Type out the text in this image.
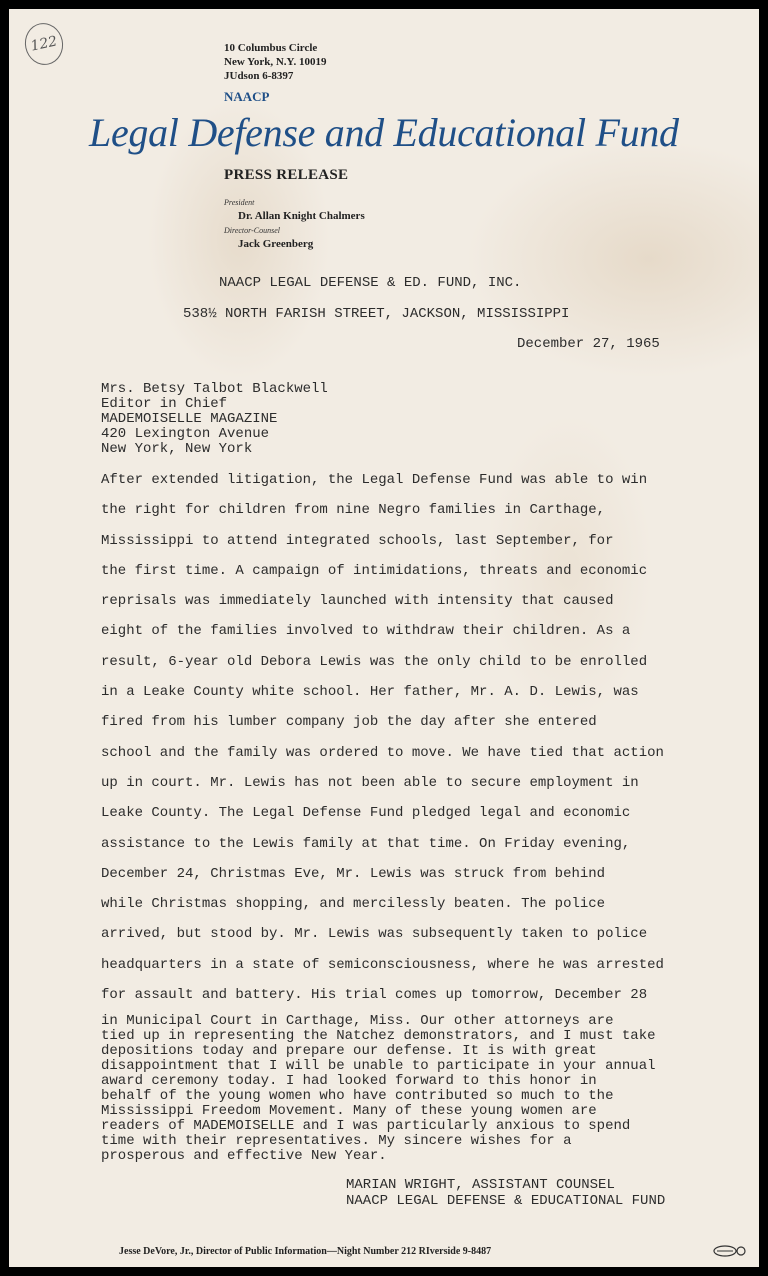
122	10 Columbus Circle
New York, N.Y. 10019
JUdson 6-8397
NAACP
Legal Defense and Educational Fund
PRESS RELEASE
President
Dr. Allan Knight Chalmers
Director-Counsel
Jack Greenberg
NAACP LEGAL DEFENSE & ED. FUND, INC.
538½ NORTH FARISH STREET, JACKSON, MISSISSIPPI
December 27, 1965
Mrs. Betsy Talbot Blackwell
Editor in Chief
MADEMOISELLE MAGAZINE
420 Lexington Avenue
New York, New York
After extended litigation, the Legal Defense Fund was able to win
the right for children from nine Negro families in Carthage,
Mississippi to attend integrated schools, last September, for
the first time. A campaign of intimidations, threats and economic
reprisals was immediately launched with intensity that caused
eight of the families involved to withdraw their children. As a
result, 6-year old Debora Lewis was the only child to be enrolled
in a Leake County white school. Her father, Mr. A. D. Lewis, was
fired from his lumber company job the day after she entered
school and the family was ordered to move. We have tied that action
up in court. Mr. Lewis has not been able to secure employment in
Leake County. The Legal Defense Fund pledged legal and economic
assistance to the Lewis family at that time. On Friday evening,
December 24, Christmas Eve, Mr. Lewis was struck from behind
while Christmas shopping, and mercilessly beaten. The police
arrived, but stood by. Mr. Lewis was subsequently taken to police
headquarters in a state of semiconsciousness, where he was arrested
for assault and battery. His trial comes up tomorrow, December 28
in Municipal Court in Carthage, Miss. Our other attorneys are
tied up in representing the Natchez demonstrators, and I must take
depositions today and prepare our defense. It is with great
disappointment that I will be unable to participate in your annual
award ceremony today. I had looked forward to this honor in
behalf of the young women who have contributed so much to the
Mississippi Freedom Movement. Many of these young women are
readers of MADEMOISELLE and I was particularly anxious to spend
time with their representatives. My sincere wishes for a
prosperous and effective New Year.
MARIAN WRIGHT, ASSISTANT COUNSEL
NAACP LEGAL DEFENSE & EDUCATIONAL FUND
Jesse DeVore, Jr., Director of Public Information—Night Number 212 RIverside 9-8487
